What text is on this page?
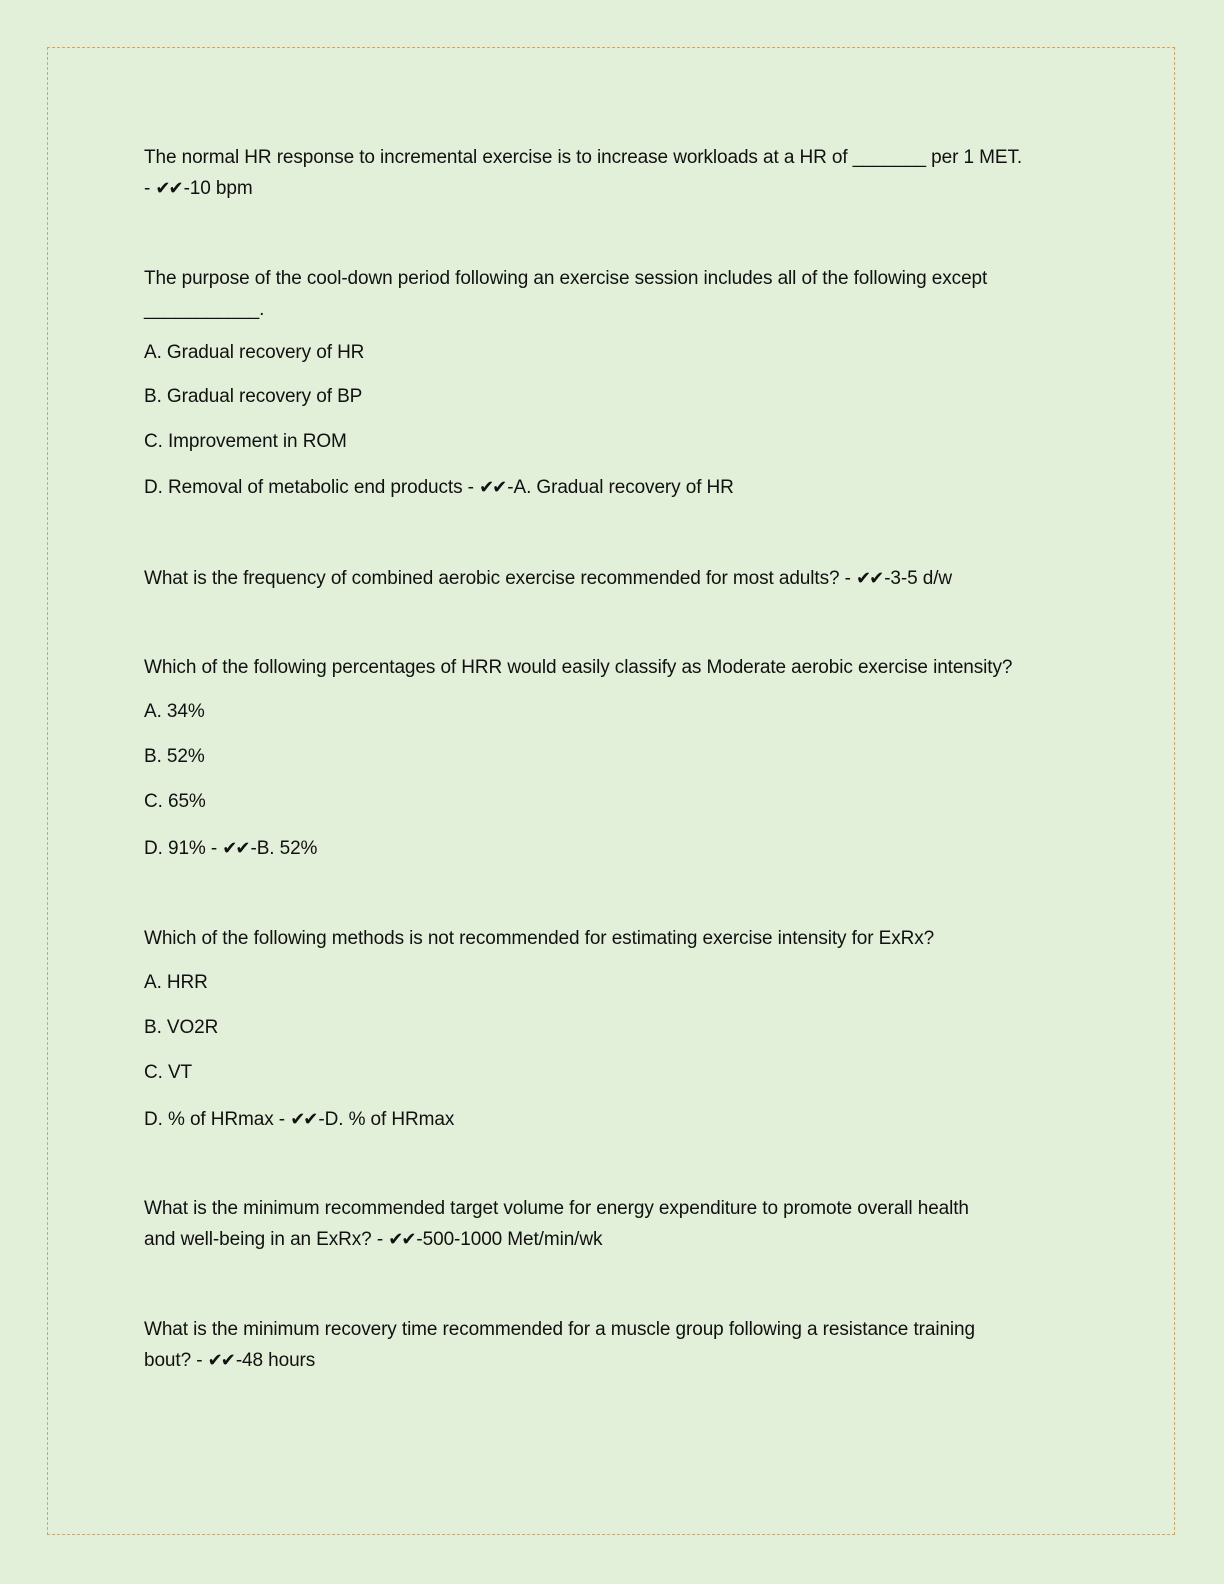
The normal HR response to incremental exercise is to increase workloads at a HR of _______ per 1 MET.

- ✔✔ -10 bpm

The purpose of the cool-down period following an exercise session includes all of the following except

___________.

A. Gradual recovery of HR

B. Gradual recovery of BP

C. Improvement in ROM

D. Removal of metabolic end products - ✔✔ -A. Gradual recovery of HR

What is the frequency of combined aerobic exercise recommended for most adults? - ✔✔ -3-5 d/w

Which of the following percentages of HRR would easily classify as Moderate aerobic exercise intensity?

A. 34%

B. 52%

C. 65%

D. 91% - ✔✔ -B. 52%

Which of the following methods is not recommended for estimating exercise intensity for ExRx?

A. HRR

B. VO2R

C. VT

D. % of HRmax - ✔✔ -D. % of HRmax

What is the minimum recommended target volume for energy expenditure to promote overall health

and well-being in an ExRx? - ✔✔ -500-1000 Met/min/wk

What is the minimum recovery time recommended for a muscle group following a resistance training

bout? - ✔✔ -48 hours
